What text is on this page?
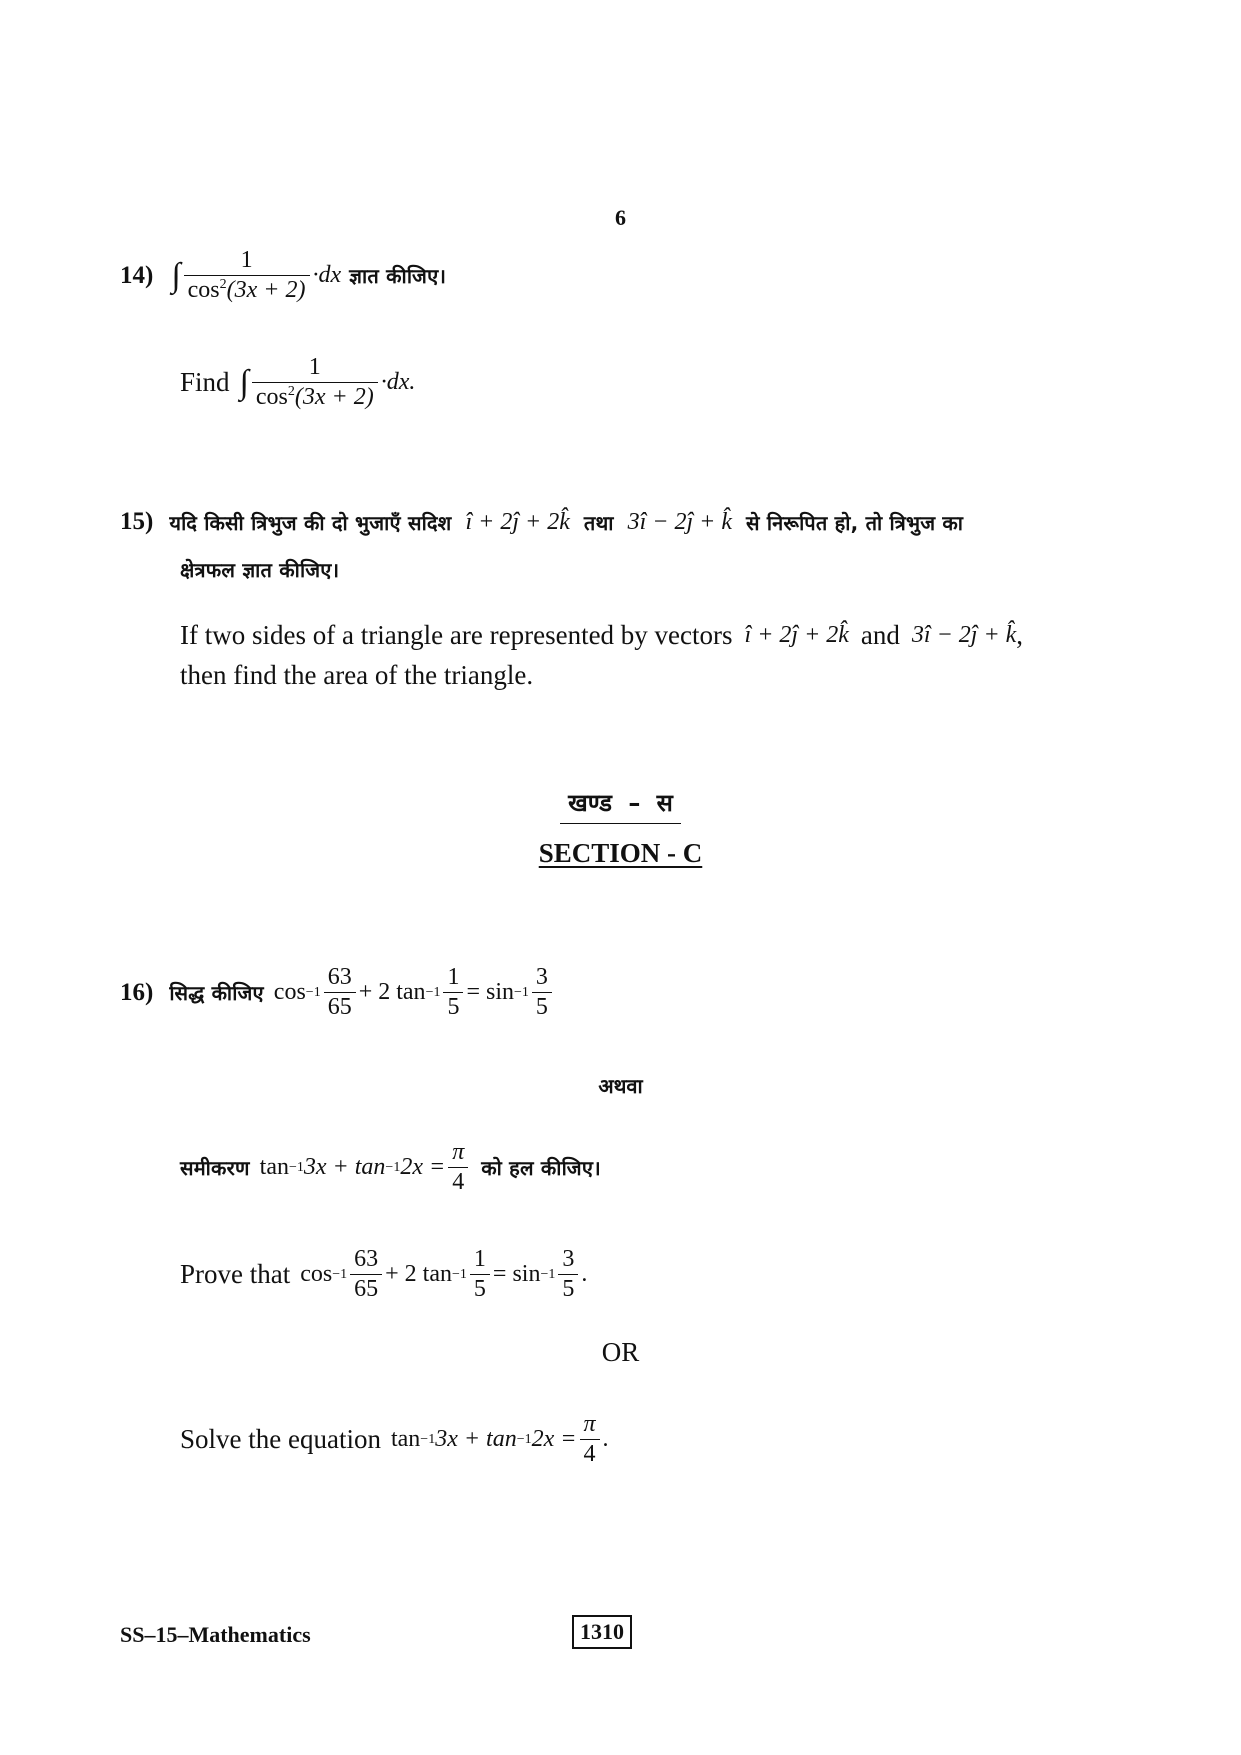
6
14) ∫ $\frac{1}{\cos^2(3x + 2)} \cdot dx$ ज्ञात कीजिए।
Find ∫ $\frac{1}{\cos^2(3x + 2)} \cdot dx$.
15) यदि किसी त्रिभुज की दो भुजाएँ सदिश î + 2ĵ + 2k̂ तथा 3î − 2ĵ + k̂ से निरूपित हो, तो त्रिभुज का
क्षेत्रफल ज्ञात कीजिए।
If two sides of a triangle are represented by vectors î + 2ĵ + 2k̂ and 3î − 2ĵ + k̂ ,
then find the area of the triangle.
खण्ड – स
SECTION - C
16) सिद्ध कीजिए $\cos -1 \frac{63}{65} + 2$ $\tan -1 \frac{1}{5} = \sin -1 \frac{3}{5}$
अथवा
समीकरण tan −1 3x + tan −1 $2x = \frac{\pi}{4}$ को हल कीजिए।
Prove that $\cos -1 \frac{63}{65} + 2$ $\tan -1 \frac{1}{5} = \sin -1 \frac{3}{5}$ .
OR
Solve the equation tan −1 3x + tan −1 $2x = \frac{\pi}{4}$ .
SS–15–Mathematics	1310
